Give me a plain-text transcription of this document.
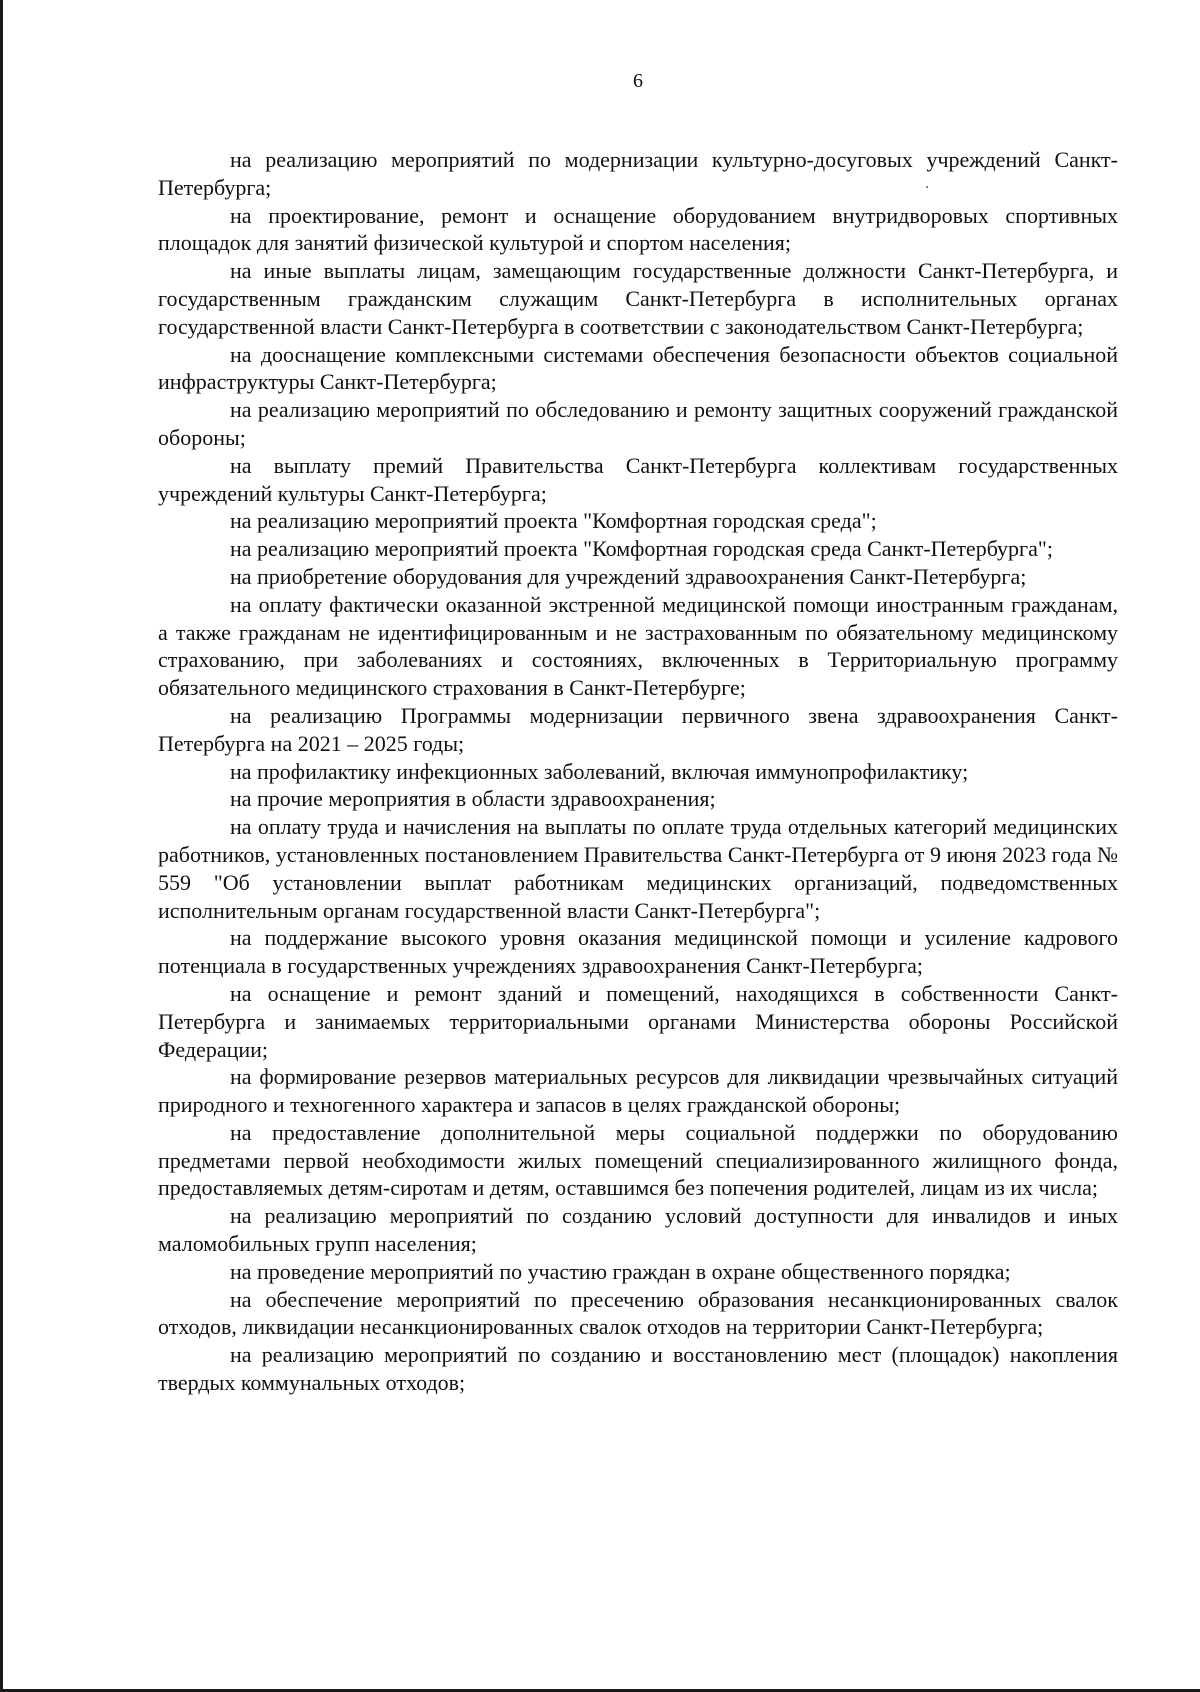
6

на реализацию мероприятий по модернизации культурно-досуговых учреждений Санкт-Петербурга;

на проектирование, ремонт и оснащение оборудованием внутридворовых спортивных площадок для занятий физической культурой и спортом населения;

на иные выплаты лицам, замещающим государственные должности Санкт-Петербурга, и государственным гражданским служащим Санкт-Петербурга в исполнительных органах государственной власти Санкт-Петербурга в соответствии с законодательством Санкт-Петербурга;

на дооснащение комплексными системами обеспечения безопасности объектов социальной инфраструктуры Санкт-Петербурга;

на реализацию мероприятий по обследованию и ремонту защитных сооружений гражданской обороны;

на выплату премий Правительства Санкт-Петербурга коллективам государственных учреждений культуры Санкт-Петербурга;

на реализацию мероприятий проекта "Комфортная городская среда";

на реализацию мероприятий проекта "Комфортная городская среда Санкт-Петербурга";

на приобретение оборудования для учреждений здравоохранения Санкт-Петербурга;

на оплату фактически оказанной экстренной медицинской помощи иностранным гражданам, а также гражданам не идентифицированным и не застрахованным по обязательному медицинскому страхованию, при заболеваниях и состояниях, включенных в Территориальную программу обязательного медицинского страхования в Санкт-Петербурге;

на реализацию Программы модернизации первичного звена здравоохранения Санкт-Петербурга на 2021 – 2025 годы;

на профилактику инфекционных заболеваний, включая иммунопрофилактику;

на прочие мероприятия в области здравоохранения;

на оплату труда и начисления на выплаты по оплате труда отдельных категорий медицинских работников, установленных постановлением Правительства Санкт-Петербурга от 9 июня 2023 года № 559 "Об установлении выплат работникам медицинских организаций, подведомственных исполнительным органам государственной власти Санкт-Петербурга";

на поддержание высокого уровня оказания медицинской помощи и усиление кадрового потенциала в государственных учреждениях здравоохранения Санкт-Петербурга;

на оснащение и ремонт зданий и помещений, находящихся в собственности Санкт-Петербурга и занимаемых территориальными органами Министерства обороны Российской Федерации;

на формирование резервов материальных ресурсов для ликвидации чрезвычайных ситуаций природного и техногенного характера и запасов в целях гражданской обороны;

на предоставление дополнительной меры социальной поддержки по оборудованию предметами первой необходимости жилых помещений специализированного жилищного фонда, предоставляемых детям-сиротам и детям, оставшимся без попечения родителей, лицам из их числа;

на реализацию мероприятий по созданию условий доступности для инвалидов и иных маломобильных групп населения;

на проведение мероприятий по участию граждан в охране общественного порядка;

на обеспечение мероприятий по пресечению образования несанкционированных свалок отходов, ликвидации несанкционированных свалок отходов на территории Санкт-Петербурга;

на реализацию мероприятий по созданию и восстановлению мест (площадок) накопления твердых коммунальных отходов;
